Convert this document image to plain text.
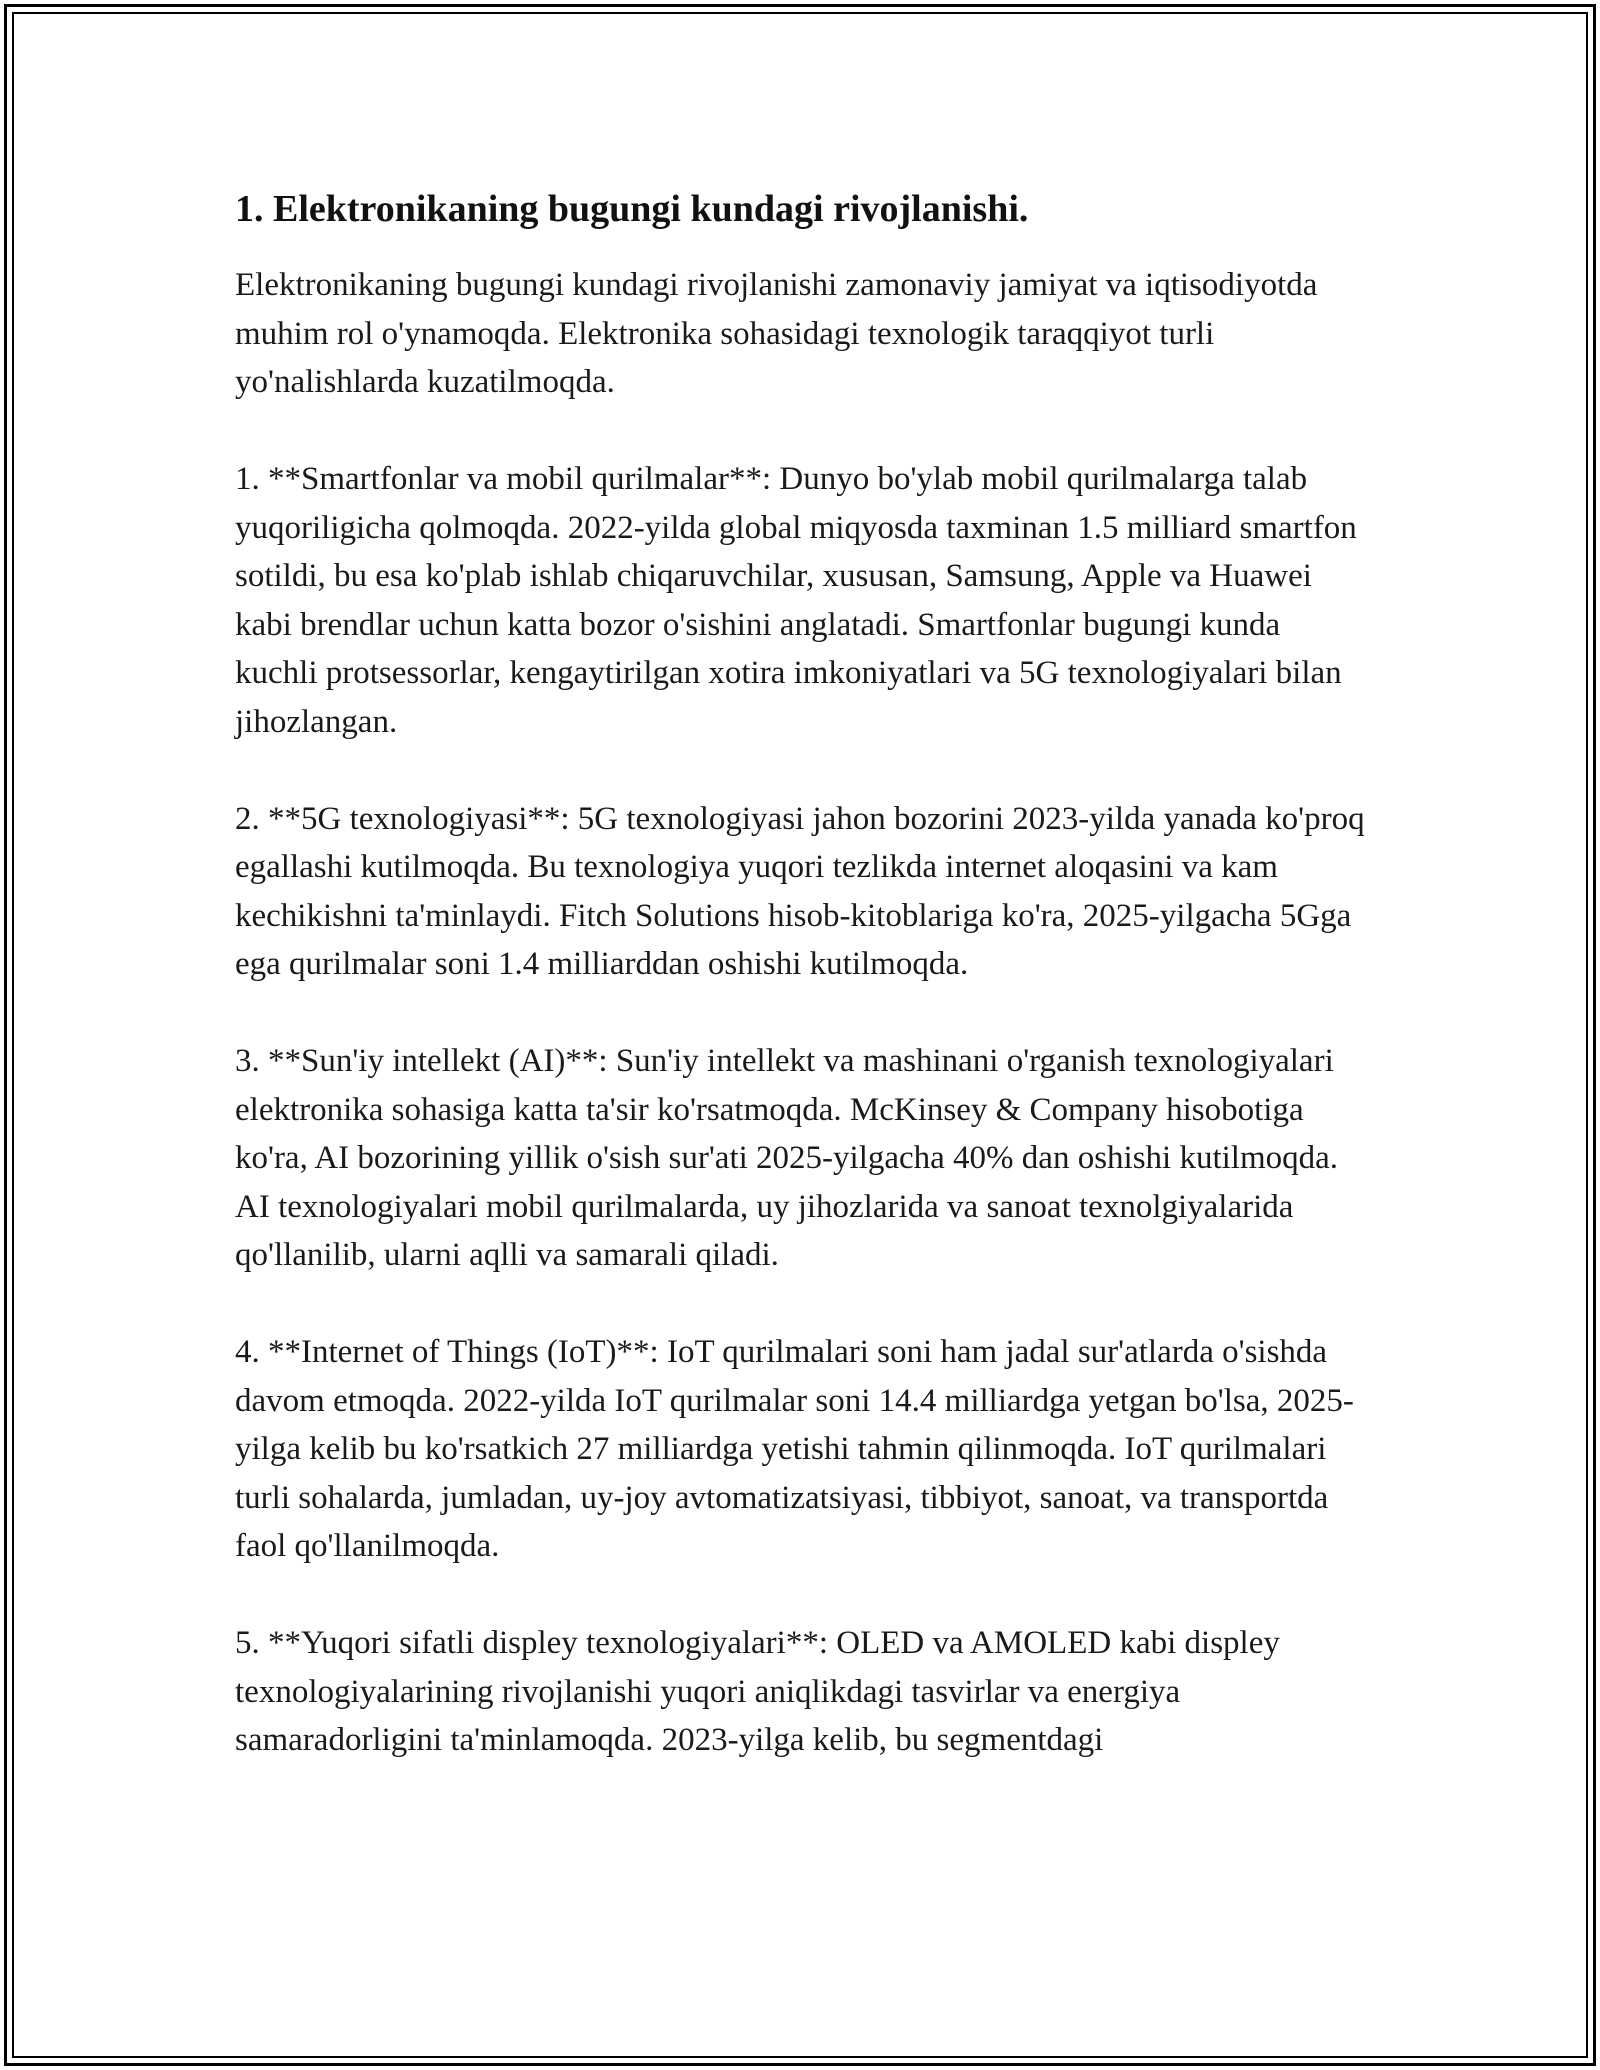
1. Elektronikaning bugungi kundagi rivojlanishi.

Elektronikaning bugungi kundagi rivojlanishi zamonaviy jamiyat va iqtisodiyotda muhim rol o'ynamoqda. Elektronika sohasidagi texnologik taraqqiyot turli yo'nalishlarda kuzatilmoqda.

1. **Smartfonlar va mobil qurilmalar**: Dunyo bo'ylab mobil qurilmalarga talab yuqoriligicha qolmoqda. 2022-yilda global miqyosda taxminan 1.5 milliard smartfon sotildi, bu esa ko'plab ishlab chiqaruvchilar, xususan, Samsung, Apple va Huawei kabi brendlar uchun katta bozor o'sishini anglatadi. Smartfonlar bugungi kunda kuchli protsessorlar, kengaytirilgan xotira imkoniyatlari va 5G texnologiyalari bilan jihozlangan.

2. **5G texnologiyasi**: 5G texnologiyasi jahon bozorini 2023-yilda yanada ko'proq egallashi kutilmoqda. Bu texnologiya yuqori tezlikda internet aloqasini va kam kechikishni ta'minlaydi. Fitch Solutions hisob-kitoblariga ko'ra, 2025-yilgacha 5Gga ega qurilmalar soni 1.4 milliarddan oshishi kutilmoqda.

3. **Sun'iy intellekt (AI)**: Sun'iy intellekt va mashinani o'rganish texnologiyalari elektronika sohasiga katta ta'sir ko'rsatmoqda. McKinsey & Company hisobotiga ko'ra, AI bozorining yillik o'sish sur'ati 2025-yilgacha 40% dan oshishi kutilmoqda. AI texnologiyalari mobil qurilmalarda, uy jihozlarida va sanoat texnolgiyalarida qo'llanilib, ularni aqlli va samarali qiladi.

4. **Internet of Things (IoT)**: IoT qurilmalari soni ham jadal sur'atlarda o'sishda davom etmoqda. 2022-yilda IoT qurilmalar soni 14.4 milliardga yetgan bo'lsa, 2025-yilga kelib bu ko'rsatkich 27 milliardga yetishi tahmin qilinmoqda. IoT qurilmalari turli sohalarda, jumladan, uy-joy avtomatizatsiyasi, tibbiyot, sanoat, va transportda faol qo'llanilmoqda.

5. **Yuqori sifatli displey texnologiyalari**: OLED va AMOLED kabi displey texnologiyalarining rivojlanishi yuqori aniqlikdagi tasvirlar va energiya samaradorligini ta'minlamoqda. 2023-yilga kelib, bu segmentdagi
